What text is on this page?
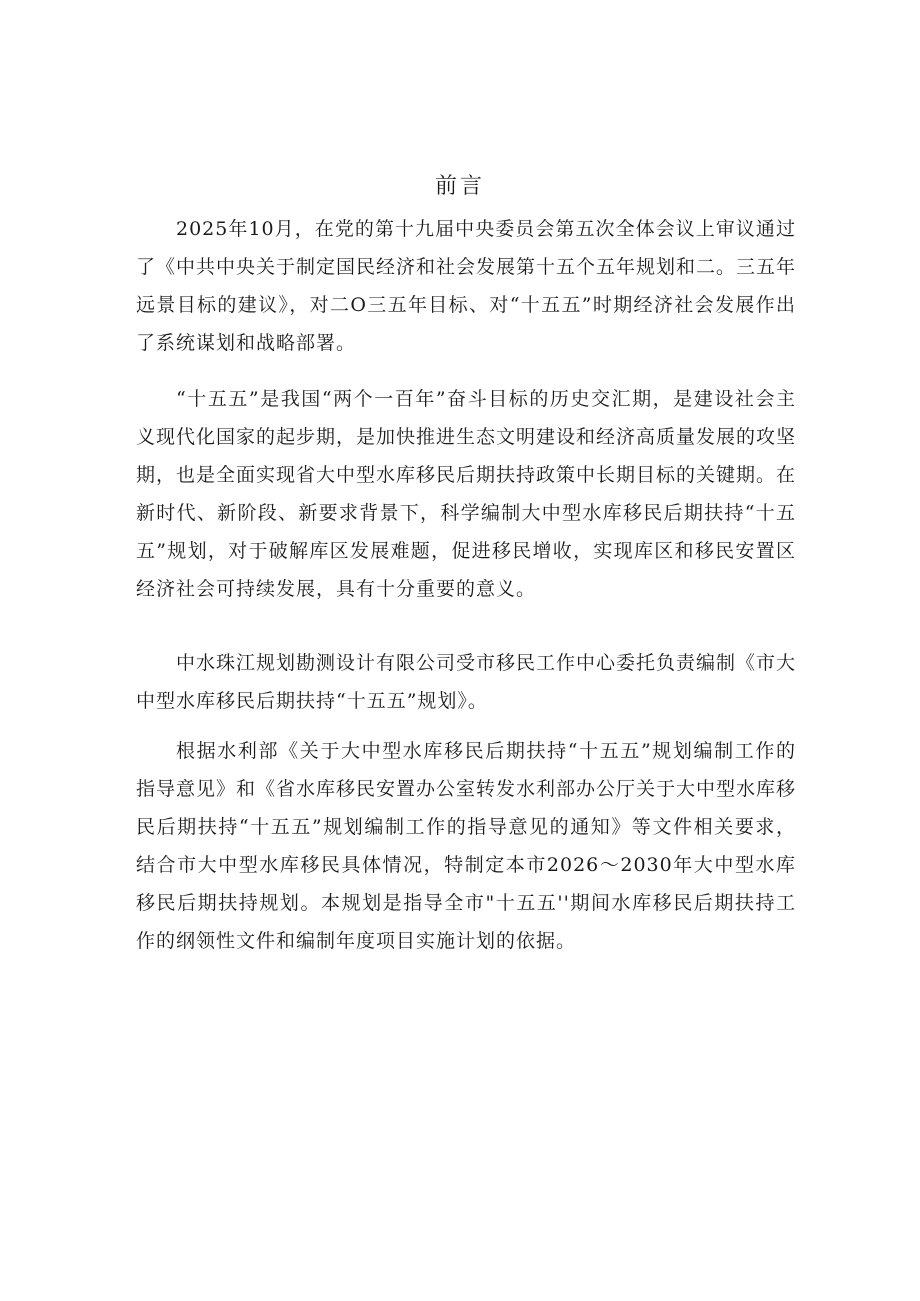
前言

2025年10月，在党的第十九届中央委员会第五次全体会议上审议通过了《中共中央关于制定国民经济和社会发展第十五个五年规划和二。三五年远景目标的建议》，对二O三五年目标、对“十五五”时期经济社会发展作出了系统谋划和战略部署。

“十五五”是我国“两个一百年”奋斗目标的历史交汇期，是建设社会主义现代化国家的起步期，是加快推进生态文明建设和经济高质量发展的攻坚期，也是全面实现省大中型水库移民后期扶持政策中长期目标的关键期。在新时代、新阶段、新要求背景下，科学编制大中型水库移民后期扶持“十五五”规划，对于破解库区发展难题，促进移民增收，实现库区和移民安置区经济社会可持续发展，具有十分重要的意义。

中水珠江规划勘测设计有限公司受市移民工作中心委托负责编制《市大中型水库移民后期扶持“十五五”规划》。

根据水利部《关于大中型水库移民后期扶持“十五五”规划编制工作的指导意见》和《省水库移民安置办公室转发水利部办公厅关于大中型水库移民后期扶持“十五五”规划编制工作的指导意见的通知》等文件相关要求，结合市大中型水库移民具体情况，特制定本市2026〜2030年大中型水库移民后期扶持规划。本规划是指导全市"十五五''期间水库移民后期扶持工作的纲领性文件和编制年度项目实施计划的依据。
